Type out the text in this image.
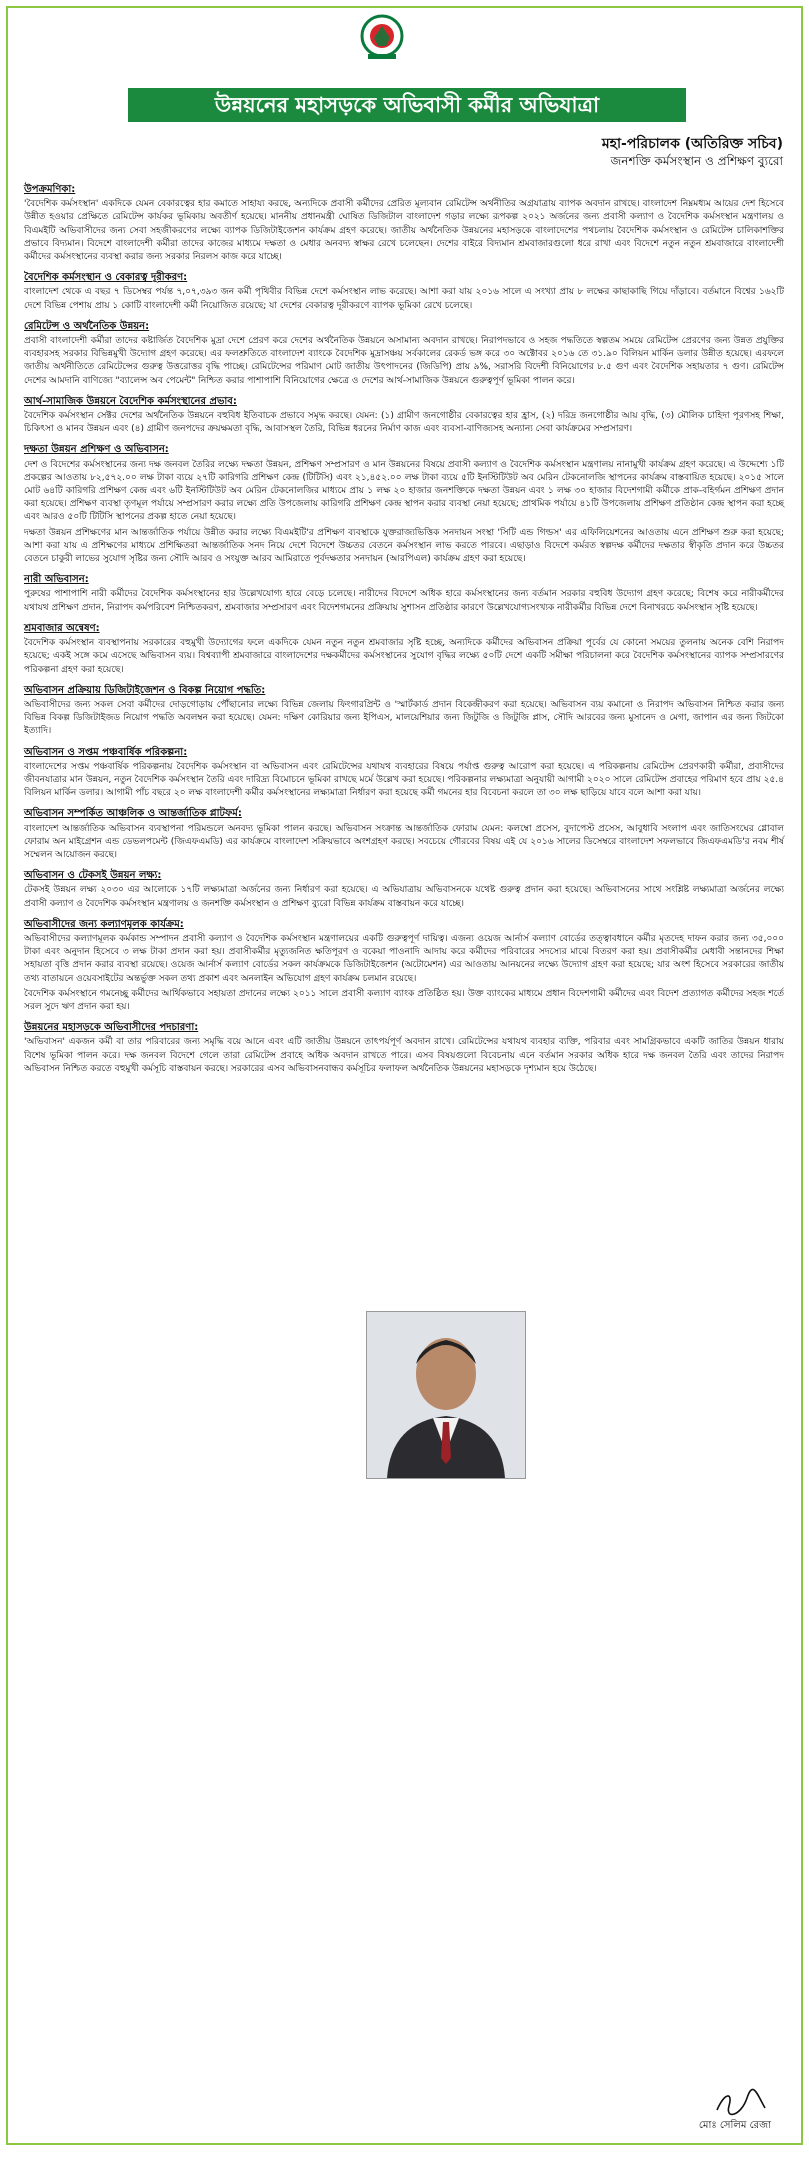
উন্নয়নের মহাসড়কে অভিবাসী কর্মীর অভিযাত্রা
মহা-পরিচালক (অতিরিক্ত সচিব)
জনশক্তি কর্মসংস্থান ও প্রশিক্ষণ ব্যুরো
উপক্রমণিকা:

'বৈদেশিক কর্মসংস্থান' একদিকে যেমন বেকারত্বের হার কমাতে সাহায্য করছে, অন্যদিকে প্রবাসী কর্মীদের প্রেরিত মূল্যবান রেমিটেন্স অর্থনীতির অগ্রযাত্রায় ব্যাপক অবদান রাখছে। বাংলাদেশ নিম্নমধ্যম আয়ের দেশ হিসেবে উন্নীত হওয়ার প্রেক্ষিতে রেমিটেন্স কার্যকর ভূমিকায় অবতীর্ণ হয়েছে। মাননীয় প্রধানমন্ত্রী ঘোষিত ডিজিটাল বাংলাদেশ গড়ার লক্ষ্যে রূপকল্প ২০২১ অর্জনের জন্য প্রবাসী কল্যাণ ও বৈদেশিক কর্মসংস্থান মন্ত্রণালয় ও বিএমইটি অভিবাসীদের জন্য সেবা সহজীকরণের লক্ষ্যে ব্যাপক ডিজিটাইজেশন কার্যক্রম গ্রহণ করেছে। জাতীয় অর্থনৈতিক উন্নয়নের মহাসড়কে বাংলাদেশের পথচলায় বৈদেশিক কর্মসংস্থান ও রেমিটেন্স চালিকাশক্তির প্রভাবে বিদ্যমান। বিদেশে বাংলাদেশী কর্মীরা তাদের কাজের মাধ্যমে দক্ষতা ও মেধার অনবদ্য স্বাক্ষর রেখে চলেছেন। দেশের বাইরে বিদ্যমান শ্রমবাজারগুলো ধরে রাখা এবং বিদেশে নতুন নতুন শ্রমবাজারে বাংলাদেশী কর্মীদের কর্মসংস্থানের ব্যবস্থা করার জন্য সরকার নিরলস কাজ করে যাচ্ছে।

বৈদেশিক কর্মসংস্থান ও বেকারত্ব দূরীকরণ:

বাংলাদেশ থেকে এ বছর ৭ ডিসেম্বর পর্যন্ত ৭,০৭,৩৯৩ জন কর্মী পৃথিবীর বিভিন্ন দেশে কর্মসংস্থান লাভ করেছে। আশা করা যায় ২০১৬ সালে এ সংখ্যা প্রায় ৮ লক্ষের কাছাকাছি গিয়ে দাঁড়াবে। বর্তমানে বিশ্বের ১৬২টি দেশে বিভিন্ন পেশায় প্রায় ১ কোটি বাংলাদেশী কর্মী নিয়োজিত রয়েছে; যা দেশের বেকারত্ব দূরীকরণে ব্যাপক ভূমিকা রেখে চলেছে।

রেমিটেন্স ও অর্থনৈতিক উন্নয়ন:

প্রবাসী বাংলাদেশী কর্মীরা তাদের কষ্টার্জিত বৈদেশিক মুদ্রা দেশে প্রেরণ করে দেশের অর্থনৈতিক উন্নয়নে অসামান্য অবদান রাখছে। নিরাপদভাবে ও সহজ পদ্ধতিতে স্বল্পতম সময়ে রেমিটেন্স প্রেরণের জন্য উন্নত প্রযুক্তির ব্যবহারসহ সরকার বিভিন্নমুখী উদ্যোগ গ্রহণ করেছে। এর ফলশ্রুতিতে বাংলাদেশ ব্যাংকে বৈদেশিক মুদ্রাসঞ্চয় সর্বকালের রেকর্ড ভঙ্গ করে ৩০ অক্টোবর ২০১৬ তে ৩১.৯০ বিলিয়ন মার্কিন ডলার উন্নীত হয়েছে। এরফলে জাতীয় অর্থনীতিতে রেমিটেন্সের গুরুত্ব উত্তরোত্তর বৃদ্ধি পাচ্ছে। রেমিটেন্সের পরিমাণ মোট জাতীয় উৎপাদনের (জিডিপি) প্রায় ৯%, সরাসরি বিদেশী বিনিয়োগের ৮.৫ গুণ এবং বৈদেশিক সহায়তার ৭ গুণ। রেমিটেন্স দেশের আমদানি বাণিজ্যে "ব্যালেন্স অব পেমেন্ট" নিশ্চিত করার পাশাপাশি বিনিয়োগের ক্ষেত্রে ও দেশের আর্থ-সামাজিক উন্নয়নে গুরুত্বপূর্ণ ভূমিকা পালন করে।

আর্থ-সামাজিক উন্নয়নে বৈদেশিক কর্মসংস্থানের প্রভাব:

বৈদেশিক কর্মসংস্থান সেক্টর দেশের অর্থনৈতিক উন্নয়নে বহুবিধ ইতিবাচক প্রভাবে সমৃদ্ধ করছে। যেমন: (১) গ্রামীণ জনগোষ্ঠীর বেকারত্বের হার হ্রাস, (২) দরিদ্র জনগোষ্ঠীর আয় বৃদ্ধি, (৩) মৌলিক চাহিদা পূরণসহ শিক্ষা, চিকিৎসা ও মানব উন্নয়ন এবং (৪) গ্রামীণ জনপদের ক্রয়ক্ষমতা বৃদ্ধি, আবাসস্থল তৈরি, বিভিন্ন ধরনের নির্মাণ কাজ এবং ব্যবসা-বাণিজ্যসহ অন্যান্য সেবা কার্যক্রমের সম্প্রসারণ।

দক্ষতা উন্নয়ন প্রশিক্ষণ ও অভিবাসন:

দেশ ও বিদেশের কর্মসংস্থানের জন্য দক্ষ জনবল তৈরির লক্ষ্যে দক্ষতা উন্নয়ন, প্রশিক্ষণ সম্প্রসারণ ও মান উন্নয়নের বিষয়ে প্রবাসী কল্যাণ ও বৈদেশিক কর্মসংস্থান মন্ত্রণালয় নানামুখী কার্যক্রম গ্রহণ করেছে। এ উদ্দেশ্যে ১টি প্রকল্পের আওতায় ৮২,৫৭২.০০ লক্ষ টাকা ব্যয়ে ২৭টি কারিগরি প্রশিক্ষণ কেন্দ্র (টিটিসি) এবং ২১,৪৫২.০০ লক্ষ টাকা ব্যয়ে ৫টি ইনস্টিটিউট অব মেরিন টেকনোলজি স্থাপনের কার্যক্রম বাস্তবায়িত হয়েছে। ২০১৫ সালে মোট ৬৪টি কারিগরি প্রশিক্ষণ কেন্দ্র এবং ৬টি ইনস্টিটিউট অব মেরিন টেকনোলজির মাধ্যমে প্রায় ১ লক্ষ ২০ হাজার জনশক্তিকে দক্ষতা উন্নয়ন এবং ১ লক্ষ ৩০ হাজার বিদেশগামী কর্মীকে প্রাক-বহির্গমন প্রশিক্ষণ প্রদান করা হয়েছে। প্রশিক্ষণ ব্যবস্থা তৃণমূল পর্যায়ে সম্প্রসারণ করার লক্ষ্যে প্রতি উপজেলায় কারিগরি প্রশিক্ষণ কেন্দ্র স্থাপন করার ব্যবস্থা নেয়া হয়েছে; প্রাথমিক পর্যায়ে ৪১টি উপজেলায় প্রশিক্ষণ প্রতিষ্ঠান কেন্দ্র স্থাপন করা হচ্ছে এবং আরও ৫০টি টিটিসি স্থাপনের প্রকল্প হাতে নেয়া হয়েছে।

দক্ষতা উন্নয়ন প্রশিক্ষণের মান আন্তর্জাতিক পর্যায়ে উন্নীত করার লক্ষ্যে বিএমইটি'র প্রশিক্ষণ ব্যবস্থাকে যুক্তরাজ্যভিত্তিক সনদায়ন সংস্থা 'সিটি এন্ড গিল্ডস' এর এফিলিয়েশনের আওতায় এনে প্রশিক্ষণ শুরু করা হয়েছে; আশা করা যায় এ প্রশিক্ষণের মাধ্যমে প্রশিক্ষিতরা আন্তর্জাতিক সনদ নিয়ে দেশে বিদেশে উচ্চতর বেতনে কর্মসংস্থান লাভ করতে পারবে। এছাড়াও বিদেশে কর্মরত স্বল্পদক্ষ কর্মীদের দক্ষতার স্বীকৃতি প্রদান করে উচ্চতর বেতনে চাকুরী লাভের সুযোগ সৃষ্টির জন্য সৌদি আরব ও সংযুক্ত আরব আমিরাতে পূর্বদক্ষতার সনদায়ন (আরপিএল) কার্যক্রম গ্রহণ করা হয়েছে।

নারী অভিবাসন:

পুরুষের পাশাপাশি নারী কর্মীদের বৈদেশিক কর্মসংস্থানের হার উল্লেখযোগ্য হারে বেড়ে চলেছে। নারীদের বিদেশে অধিক হারে কর্মসংস্থানের জন্য বর্তমান সরকার বহুবিধ উদ্যোগ গ্রহণ করেছে; বিশেষ করে নারীকর্মীদের যথাযথ প্রশিক্ষণ প্রদান, নিরাপদ কর্মপরিবেশ নিশ্চিতকরণ, শ্রমবাজার সম্প্রসারণ এবং বিদেশগমনের প্রক্রিয়ায় সুশাসন প্রতিষ্ঠার কারণে উল্লেখযোগ্যসংখ্যক নারীকর্মীর বিভিন্ন দেশে বিনাখরচে কর্মসংস্থান সৃষ্টি হয়েছে।

শ্রমবাজার অন্বেষণ:

বৈদেশিক কর্মসংস্থান ব্যবস্থাপনায় সরকারের বহুমুখী উদ্যোগের ফলে একদিকে যেমন নতুন নতুন শ্রমবাজার সৃষ্টি হচ্ছে, অন্যদিকে কর্মীদের অভিবাসন প্রক্রিয়া পূর্বের যে কোনো সময়ের তুলনায় অনেক বেশি নিরাপদ হয়েছে; একই সঙ্গে কমে এসেছে অভিবাসন ব্যয়। বিশ্বব্যাপী শ্রমবাজারে বাংলাদেশের দক্ষকর্মীদের কর্মসংস্থানের সুযোগ বৃদ্ধির লক্ষ্যে ৫০টি দেশে একটি সমীক্ষা পরিচালনা করে বৈদেশিক কর্মসংস্থানের ব্যাপক সম্প্রসারণের পরিকল্পনা গ্রহণ করা হয়েছে।

অভিবাসন প্রক্রিয়ায় ডিজিটাইজেশন ও বিকল্প নিয়োগ পদ্ধতি:

অভিবাসীদের জন্য সকল সেবা কর্মীদের দোড়গোড়ায় পৌঁছানোর লক্ষ্যে বিভিন্ন জেলায় ফিংগারপ্রিন্ট ও 'স্মার্টকার্ড প্রদান বিকেন্দ্রীকরণ করা হয়েছে। অভিবাসন ব্যয় কমানো ও নিরাপদ অভিবাসন নিশ্চিত করার জন্য বিভিন্ন বিকল্প ডিজিটাইজড নিয়োগ পদ্ধতি অবলম্বন করা হয়েছে। যেমন: দক্ষিণ কোরিয়ার জন্য ইপিএস, মালয়েশিয়ার জন্য জিটুজি ও জিটুজি প্লাস, সৌদি আরবের জন্য মুসানেদ ও মেগা, জাপান এর জন্য জিটকো ইত্যাদি।

অভিবাসন ও সপ্তম পঞ্চবার্ষিক পরিকল্পনা:

বাংলাদেশের সপ্তম পঞ্চবার্ষিক পরিকল্পনায় বৈদেশিক কর্মসংস্থান বা অভিবাসন এবং রেমিটেন্সের যথাযথ ব্যবহারের বিষয়ে পর্যাপ্ত গুরুত্ব আরোপ করা হয়েছে। এ পরিকল্পনায় রেমিটেন্স প্রেরণকারী কর্মীরা, প্রবাসীদের জীবনযাত্রার মান উন্নয়ন, নতুন বৈদেশিক কর্মসংস্থান তৈরি এবং দারিদ্র্য বিমোচনে ভূমিকা রাখছে মর্মে উল্লেখ করা হয়েছে। পরিকল্পনার লক্ষ্যমাত্রা অনুযায়ী আগামী ২০২০ সালে রেমিটেন্স প্রবাহের পরিমাণ হবে প্রায় ২৫.৪ বিলিয়ন মার্কিন ডলার। আগামী পাঁচ বছরে ২০ লক্ষ বাংলাদেশী কর্মীর কর্মসংস্থানের লক্ষ্যমাত্রা নির্ধারণ করা হয়েছে কর্মী গমনের হার বিবেচনা করলে তা ৩০ লক্ষ ছাড়িয়ে যাবে বলে আশা করা যায়।

অভিবাসন সম্পর্কিত আঞ্চলিক ও আন্তর্জাতিক প্লাটফর্ম:

বাংলাদেশ আন্তর্জাতিক অভিবাসন ব্যবস্থাপনা পরিমন্ডলে অনবদ্য ভূমিকা পালন করছে। অভিবাসন সংক্রান্ত আন্তর্জাতিক ফোরাম যেমন: কলম্বো প্রসেস, বুদাপেস্ট প্রসেস, আবুধাবি সংলাপ এবং জাতিসংঘের গ্লোবাল ফোরাম অন মাইগ্রেশন এন্ড ডেভলপমেন্ট (জিএফএমডি) এর কার্যক্রমে বাংলাদেশ সক্রিয়ভাবে অংশগ্রহণ করছে। সবচেয়ে গৌরবের বিষয় এই যে ২০১৬ সালের ডিসেম্বরে বাংলাদেশ সফলভাবে জিএফএমডি'র নবম শীর্ষ সম্মেলন আয়োজন করছে।

অভিবাসন ও টেকসই উন্নয়ন লক্ষ্য:

টেকসই উন্নয়ন লক্ষ্য ২০৩০ এর আলোকে ১৭টি লক্ষ্যমাত্রা অর্জনের জন্য নির্ধারণ করা হয়েছে। এ অভিযাত্রায় অভিবাসনকে যথেষ্ট গুরুত্ব প্রদান করা হয়েছে। অভিবাসনের সাথে সংশ্লিষ্ট লক্ষ্যমাত্রা অর্জনের লক্ষ্যে প্রবাসী কল্যাণ ও বৈদেশিক কর্মসংস্থান মন্ত্রণালয় ও জনশক্তি কর্মসংস্থান ও প্রশিক্ষণ ব্যুরো বিভিন্ন কার্যক্রম বাস্তবায়ন করে যাচ্ছে।

অভিবাসীদের জন্য কল্যাণমূলক কার্যক্রম:

অভিবাসীদের কল্যাণমূলক কর্মকান্ড সম্পাদন প্রবাসী কল্যাণ ও বৈদেশিক কর্মসংস্থান মন্ত্রণালয়ের একটি গুরুত্বপূর্ণ দায়িত্ব। এজন্য ওয়েজ আর্নার্স কল্যাণ বোর্ডের তত্ত্বাবধানে কর্মীর মৃতদেহ দাফন করার জন্য ৩৫,০০০ টাকা এবং অনুদান হিসেবে ৩ লক্ষ টাকা প্রদান করা হয়। প্রবাসীকর্মীর মৃত্যুজনিত ক্ষতিপূরণ ও বকেয়া পাওনাদি আদায় করে কর্মীদের পরিবারের সদস্যের মাঝে বিতরণ করা হয়। প্রবাসীকর্মীর মেধাবী সন্তানদের শিক্ষা সহায়তা বৃত্তি প্রদান করার ব্যবস্থা রয়েছে। ওয়েজ আর্নার্স কল্যাণ বোর্ডের সকল কার্যক্রমকে ডিজিটাইজেশন (অটোমেশন) এর আওতায় আনয়নের লক্ষ্যে উদ্যোগ গ্রহণ করা হয়েছে; যার অংশ হিসেবে সরকারের জাতীয় তথ্য বাতায়নে ওয়েবসাইটের অন্তর্ভুক্ত সকল তথ্য প্রকাশ এবং অনলাইন অভিযোগ গ্রহণ কার্যক্রম চলমান রয়েছে।

বৈদেশিক কর্মসংস্থানে গমনেচ্ছু কর্মীদের আর্থিকভাবে সহায়তা প্রদানের লক্ষ্যে ২০১১ সালে প্রবাসী কল্যাণ ব্যাংক প্রতিষ্ঠিত হয়। উক্ত ব্যাংকের মাধ্যমে প্রধান বিদেশগামী কর্মীদের এবং বিদেশ প্রত্যাগত কর্মীদের সহজ শর্তে সরল সুদে ঋণ প্রদান করা হয়।

উন্নয়নের মহাসড়কে অভিবাসীদের পদচারণা:

'অভিবাসন' একজন কর্মী বা তার পরিবারের জন্য সমৃদ্ধি বয়ে আনে এবং এটি জাতীয় উন্নয়নে তাৎপর্যপূর্ণ অবদান রাখে। রেমিটেন্সের যথাযথ ব্যবহার ব্যক্তি, পরিবার এবং সামগ্রিকভাবে একটি জাতির উন্নয়ন ধারায় বিশেষ ভূমিকা পালন করে। দক্ষ জনবল বিদেশে গেলে তারা রেমিটেন্স প্রবাহে অধিক অবদান রাখতে পারে। এসব বিষয়গুলো বিবেচনায় এনে বর্তমান সরকার অধিক হারে দক্ষ জনবল তৈরি এবং তাদের নিরাপদ অভিবাসন নিশ্চিত করতে বহুমুখী কর্মসূচি বাস্তবায়ন করছে। সরকারের এসব অভিবাসনবান্ধব কর্মসূচির ফলাফল অর্থনৈতিক উন্নয়নের মহাসড়কে দৃশ্যমান হয়ে উঠেছে।

মোঃ সেলিম রেজা
